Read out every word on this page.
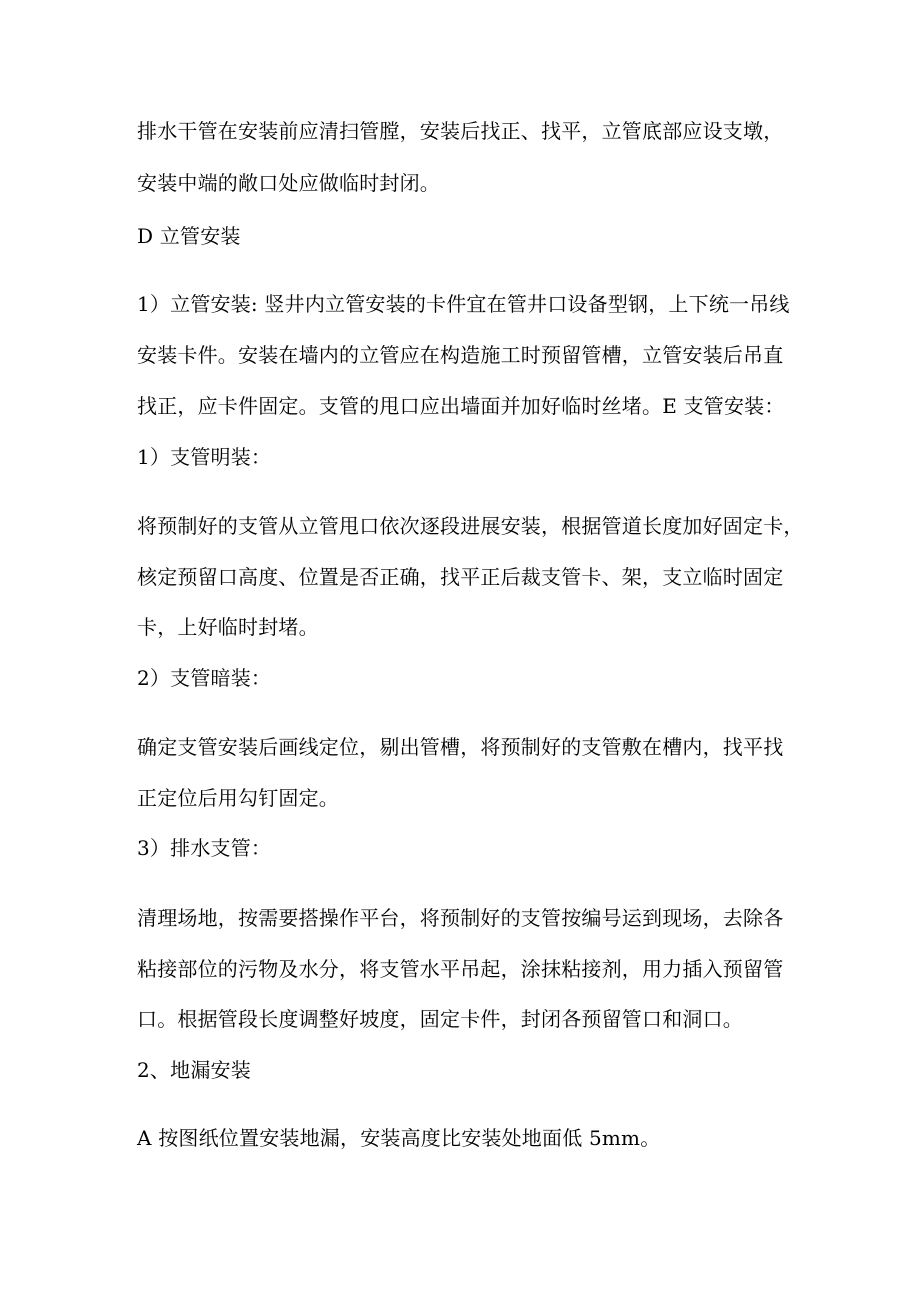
排水干管在安装前应清扫管膛，安装后找正、找平，立管底部应设支墩，
安装中端的敞口处应做临时封闭。
D 立管安装
1）立管安装: 竖井内立管安装的卡件宜在管井口设备型钢，上下统一吊线
安装卡件。安装在墙内的立管应在构造施工时预留管槽，立管安装后吊直
找正，应卡件固定。支管的甩口应出墙面并加好临时丝堵。E 支管安装：
1）支管明装：
将预制好的支管从立管甩口依次逐段进展安装，根据管道长度加好固定卡，
核定预留口高度、位置是否正确，找平正后裁支管卡、架，支立临时固定
卡，上好临时封堵。
2）支管暗装：
确定支管安装后画线定位，剔出管槽，将预制好的支管敷在槽内，找平找
正定位后用勾钉固定。
3）排水支管：
清理场地，按需要搭操作平台，将预制好的支管按编号运到现场，去除各
粘接部位的污物及水分，将支管水平吊起，涂抹粘接剂，用力插入预留管
口。根据管段长度调整好坡度，固定卡件，封闭各预留管口和洞口。
2、地漏安装
A 按图纸位置安装地漏，安装高度比安装处地面低 5mm。
